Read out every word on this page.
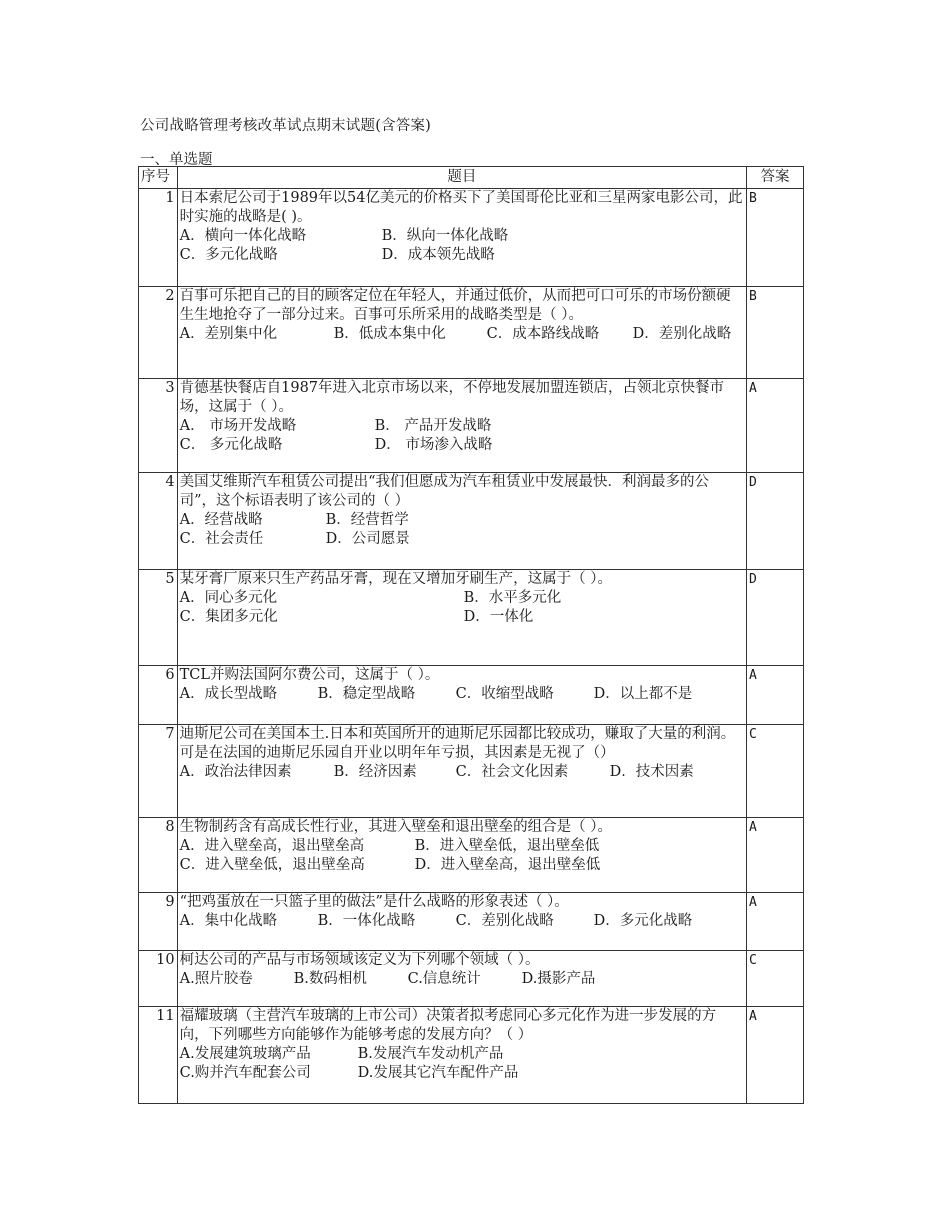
公司战略管理考核改革试点期末试题(含答案)
一、单选题
序号	题目	答案
1	日本索尼公司于1989年以54亿美元的价格买下了美国哥伦比亚和三星两家电影公司，此时实施的战略是( )。
A．横向一体化战略 B．纵向一体化战略
C．多元化战略 D．成本领先战略	B
2	百事可乐把自己的目的顾客定位在年轻人，并通过低价，从而把可口可乐的市场份额硬生生地抢夺了一部分过来。百事可乐所采用的战略类型是（ ）。
A．差别集中化 B．低成本集中化 C．成本路线战略 D．差别化战略	B
3	肯德基快餐店自1987年进入北京市场以来，不停地发展加盟连锁店，占领北京快餐市场，这属于（ ）。
A． 市场开发战略 B． 产品开发战略
C． 多元化战略 D． 市场渗入战略	A
4	美国艾维斯汽车租赁公司提出“我们但愿成为汽车租赁业中发展最快．利润最多的公司”，这个标语表明了该公司的（ ）
A．经营战略 B．经营哲学
C．社会责任 D．公司愿景	D
5	某牙膏厂原来只生产药品牙膏，现在又增加牙刷生产，这属于（ ）。
A．同心多元化 B．水平多元化
C．集团多元化 D．一体化	D
6	TCL并购法国阿尔费公司，这属于（ ）。
A．成长型战略 B．稳定型战略 C．收缩型战略 D．以上都不是	A
7	迪斯尼公司在美国本土.日本和英国所开的迪斯尼乐园都比较成功，赚取了大量的利润。可是在法国的迪斯尼乐园自开业以明年年亏损，其因素是无视了（）
A．政治法律因素 B．经济因素 C．社会文化因素 D．技术因素	C
8	生物制药含有高成长性行业，其进入壁垒和退出壁垒的组合是（ ）。
A．进入壁垒高，退出壁垒高 B．进入壁垒低，退出壁垒低
C．进入壁垒低，退出壁垒高 D．进入壁垒高，退出壁垒低	A
9	“把鸡蛋放在一只篮子里的做法”是什么战略的形象表述（ ）。
A．集中化战略 B．一体化战略 C．差别化战略 D．多元化战略	A
10	柯达公司的产品与市场领域该定义为下列哪个领域（ ）。
A.照片胶卷 B.数码相机 C.信息统计 D.摄影产品	C
11	福耀玻璃（主营汽车玻璃的上市公司）决策者拟考虑同心多元化作为进一步发展的方向，下列哪些方向能够作为能够考虑的发展方向？（ ）
A.发展建筑玻璃产品 B.发展汽车发动机产品
C.购并汽车配套公司 D.发展其它汽车配件产品	A
